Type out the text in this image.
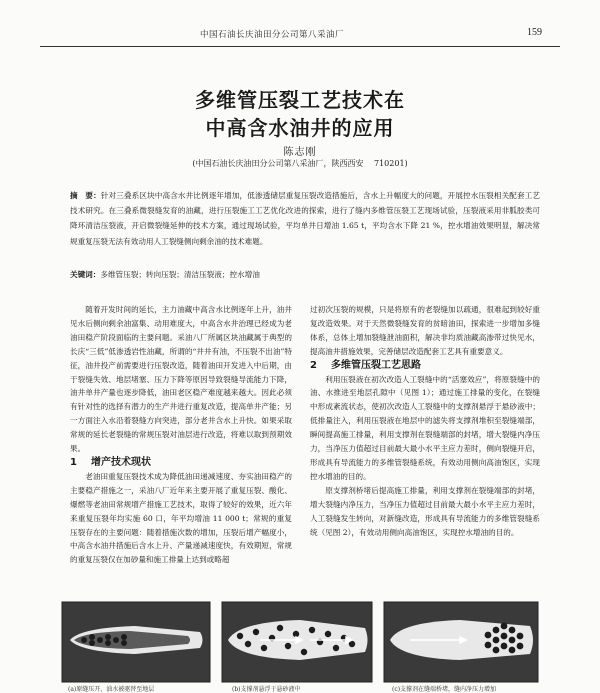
中国石油长庆油田分公司第八采油厂	159
多维管压裂工艺技术在
中高含水油井的应用
陈志刚
(中国石油长庆油田分公司第八采油厂，陕西西安　 710201)
摘　要：针对三叠系区块中高含水井比例逐年增加，低渗透储层重复压裂改造措施后，含水上升幅度大的问题，开展控水压裂相关配套工艺技术研究。在三叠系微裂缝发育的油藏，进行压裂施工工艺优化改进的探索，进行了缝内多维管压裂工艺现场试验，压裂液采用非胍胶类可降环清洁压裂液，开启微裂缝延伸的技术方案，通过现场试验，平均单井日增油 1.65 t，平均含水下降 21 %，控水增油效果明显，解决常规重复压裂无法有效动用人工裂缝侧向剩余油的技术难题。
关键词：多维管压裂；转向压裂；清洁压裂液；控水增油

随着开发时间的延长，主力油藏中高含水比例逐年上升，油井见水后侧向剩余油富集、动用难度大，中高含水井治理已经成为老油田稳产阶段面临的主要问题。采油八厂所属区块油藏属于典型的长庆“三低”低渗透岩性油藏，所谓的“井井有油，不压裂不出油”特征，油井投产前需要进行压裂改造，随着油田开发进入中后期，由于裂缝失效、地层堵塞、压力下降等原因导致裂缝导流能力下降，油井单井产量也逐步降低，油田老区稳产难度越来越大。因此必须有针对性的选择有潜力的生产井进行重复改造，提高单井产能；另一方面注入水沿着裂缝方向突进，部分老井含水上升快。如果采取常规的延长老裂缝的常规压裂对油层进行改造，将难以取到预期效果。

1 增产技术现状

老油田重复压裂技术成为降低油田递减速度、夯实油田稳产的主要稳产措施之一，采油八厂近年来主要开展了重复压裂、酸化、爆燃等老油田常规增产措施工艺技术，取得了较好的效果，近六年来重复压裂年均实施 60 口，年平均增油 11 000 t；常规的重复压裂存在的主要问题：随着措施次数的增加，压裂后增产幅度小，中高含水油井措施后含水上升、产量递减速度快，有效期短，常规的重复压裂仅在加砂量和施工排量上达到或略超

过初次压裂的规模，只是将原有的老裂缝加以疏通，很难起到较好重复改造效果。对于天然微裂缝发育的贫暗油田，探索进一步增加多缝体系，总体上增加裂缝泄油面积，解决非均质油藏高渗带过快见水，提高油井措施效果，完善储层改造配套工艺具有重要意义。

2 多维管压裂工艺思路

利用压裂液在初次改造人工裂缝中的“活塞效应”，将原裂缝中的油、水推进至地层孔隙中（见图 1）；通过施工排量的变化，在裂缝中形成紊流状态，使初次改造人工裂缝中的支撑剂悬浮于悬砂液中；低排量注入，利用压裂液在地层中的滤失将支撑剂堆积至裂缝端部，瞬间提高施工排量，利用支撑剂在裂缝端部的封堵，增大裂缝内净压力，当净压力值超过目前最大最小水平主应力差时，侧向裂缝开启，形成具有导流能力的多维管裂缝系统，有效动用侧向高油饱区，实现控水增油的目的。

原支撑剂桥堵后提高施工排量，利用支撑剂在裂缝端部的封堵，增大裂缝内净压力，当净压力值超过目前最大最小水平主应力差时，人工裂缝发生转向，对新缝改造，形成具有导流能力的多维管裂缝系统（见图 2），有效动用侧向高油饱区，实现控水增油的目的。

(a)原缝压开，油水被驱替至地层	(b)支撑剂悬浮于悬砂液中	(c)支撑剂在缝端桥堵，缝内净压力增加
